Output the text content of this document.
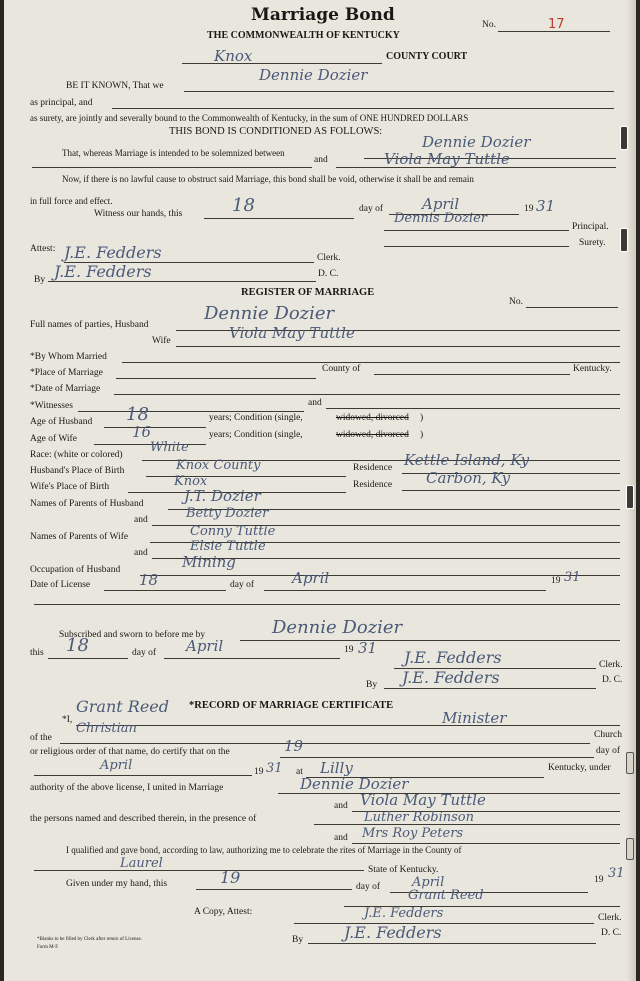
Marriage Bond	No.	17
THE COMMONWEALTH OF KENTUCKY
Knox	COUNTY COURT
BE IT KNOWN, That we
Dennie Dozier
as principal, and
as surety, are jointly and severally bound to the Commonwealth of Kentucky, in the sum of ONE HUNDRED DOLLARS
THIS BOND IS CONDITIONED AS FOLLOWS:
That, whereas Marriage is intended to be solemnized between
Dennie Dozier
and	Viola May Tuttle
Now, if there is no lawful cause to obstruct said Marriage, this bond shall be void, otherwise it shall be and remain
in full force and effect.
Witness our hands, this	18	day of	April	19 31
Dennis Dozier
Principal.
Surety.
Attest: J.E. Fedders	Clerk.
By J.E. Fedders	D. C.
REGISTER OF MARRIAGE
No.
Full names of parties, Husband
Dennie Dozier
Wife	Viola May Tuttle
*By Whom Married
*Place of Marriage	County of	Kentucky.
*Date of Marriage
*Witnesses	and
Age of Husband 18	years; Condition (single,	widowed, divorced )
Age of Wife	16	years; Condition (single,	widowed, divorced )
Race: (white or colored) White
Husband's Place of Birth	Knox County	Residence Kettle Island, Ky
Wife's Place of Birth	Knox	Residence Carbon, Ky
Names of Parents of Husband	J.T. Dozier
and	Betty Dozier
Names of Parents of Wife	Conny Tuttle
and	Elsie Tuttle
Occupation of Husband	Mining
Date of License	18	day of	April	19 31
Subscribed and sworn to before me by	Dennie Dozier
this 18	day of April	19 31 J.E. Fedders	Clerk.
By J.E. Fedders	D. C.
*RECORD OF MARRIAGE CERTIFICATE
*I,
Grant Reed
Minister
of the
Christian	Church
or religious order of that name, do certify that on the	19	day of
April	19 31 at Lilly	Kentucky, under
authority of the above license, I united in Marriage	Dennie Dozier
and Viola May Tuttle
the persons named and described therein, in the presence of	Luther Robinson
and Mrs Roy Peters
I qualified and gave bond, according to law, authorizing me to celebrate the rites of Marriage in the County of
Laurel	State of Kentucky.
Given under my hand, this	19	day of April	19 31
Grant Reed
A Copy, Attest:	J.E. Fedders	Clerk.
*Blanks to be filled by Clerk after return of License.
Form M-F
By	J.E. Fedders	D. C.
